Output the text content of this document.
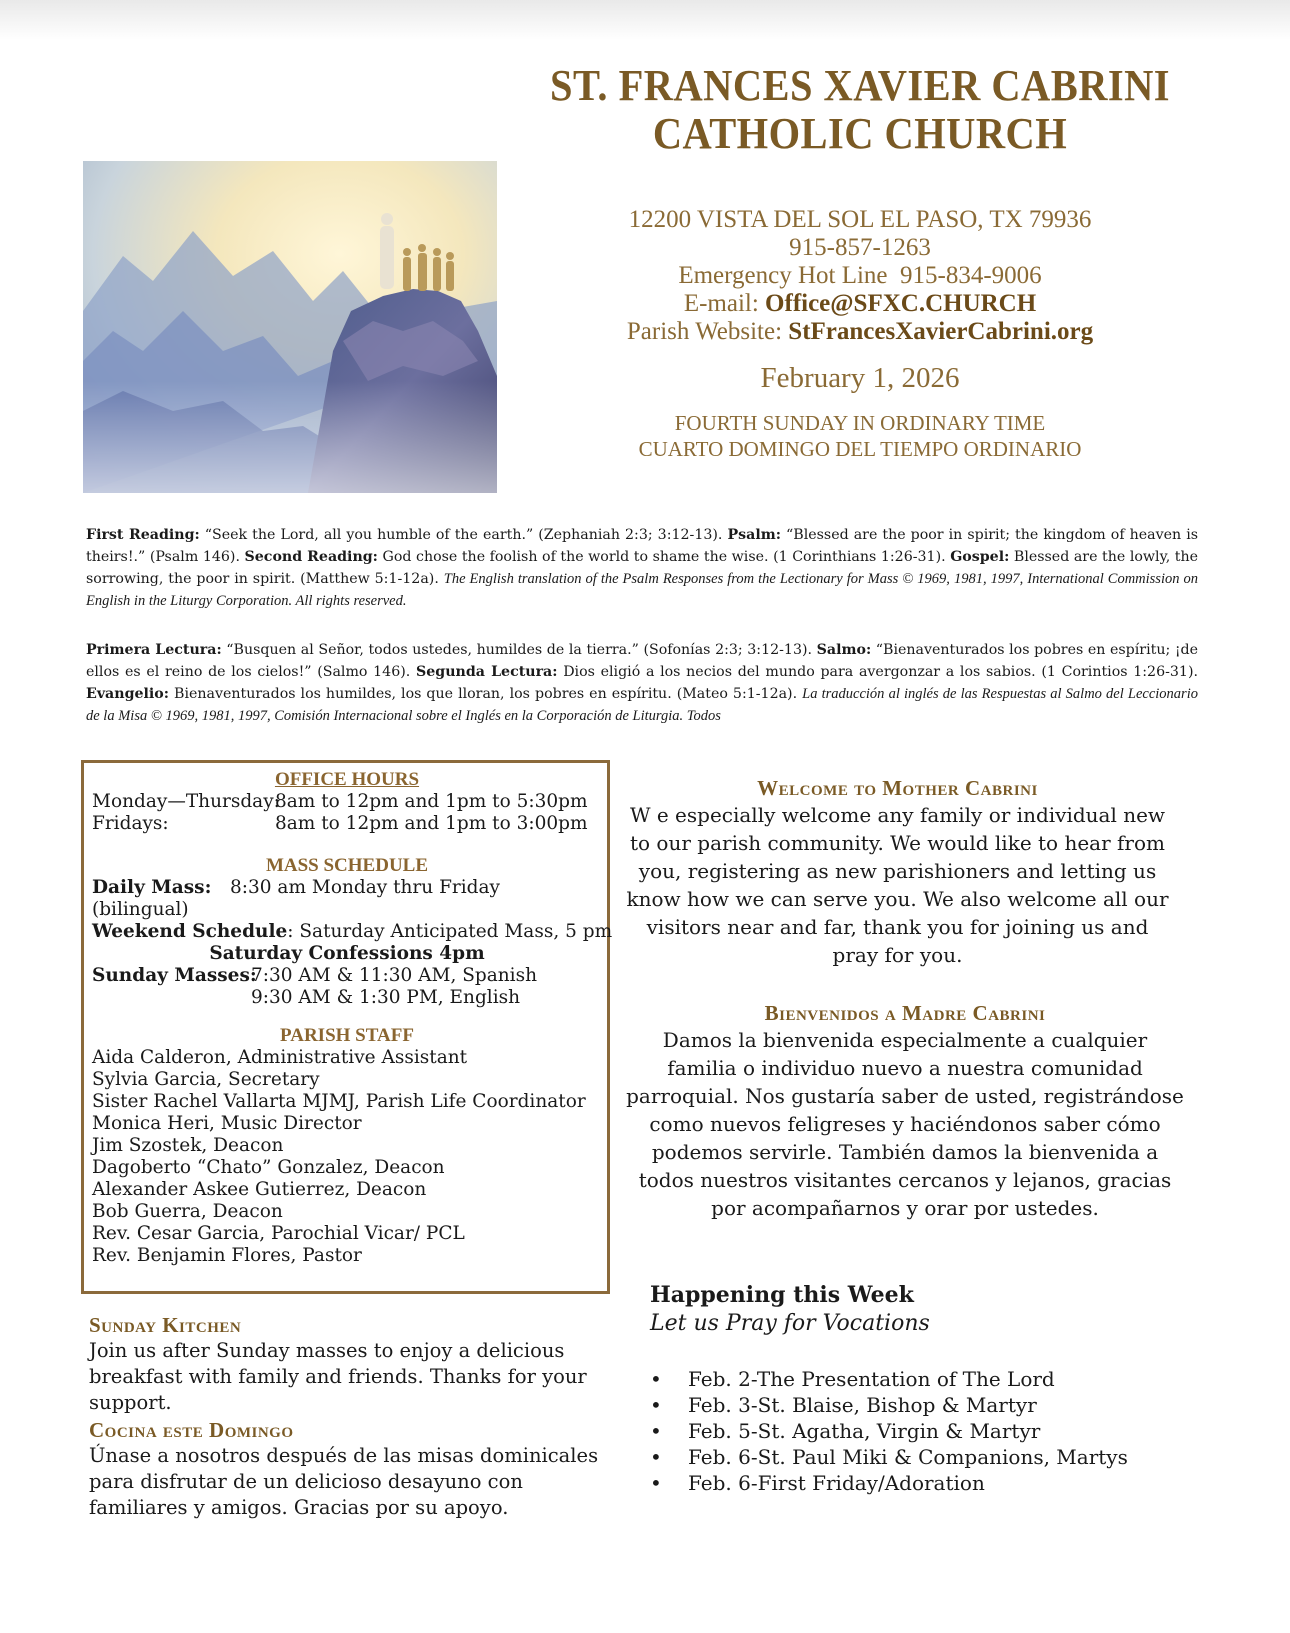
ST. FRANCES XAVIER CABRINI
CATHOLIC CHURCH
12200 VISTA DEL SOL EL PASO, TX 79936
915-857-1263
Emergency Hot Line 915-834-9006
E-mail: Office@SFXC.CHURCH
Parish Website: StFrancesXavierCabrini.org
February 1, 2026
FOURTH SUNDAY IN ORDINARY TIME
CUARTO DOMINGO DEL TIEMPO ORDINARIO
First Reading: “Seek the Lord, all you humble of the earth.” (Zephaniah 2:3; 3:12-13). Psalm: “Blessed are the poor in spirit; the kingdom of heaven is theirs!.” (Psalm 146). Second Reading: God chose the foolish of the world to shame the wise. (1 Corinthians 1:26-31). Gospel: Blessed are the lowly, the sorrowing, the poor in spirit. (Matthew 5:1-12a). The English translation of the Psalm Responses from the Lectionary for Mass © 1969, 1981, 1997, International Commission on English in the Liturgy Corporation. All rights reserved.
Primera Lectura: “Busquen al Señor, todos ustedes, humildes de la tierra.” (Sofonías 2:3; 3:12-13). Salmo: “Bienaventurados los pobres en espíritu; ¡de ellos es el reino de los cielos!” (Salmo 146). Segunda Lectura: Dios eligió a los necios del mundo para avergonzar a los sabios. (1 Corintios 1:26-31). Evangelio: Bienaventurados los humildes, los que lloran, los pobres en espíritu. (Mateo 5:1-12a). La traducción al inglés de las Respuestas al Salmo del Leccionario de la Misa © 1969, 1981, 1997, Comisión Internacional sobre el Inglés en la Corporación de Liturgia. Todos
OFFICE HOURS
Monday—Thursday:8am to 12pm and 1pm to 5:30pm
Fridays:	8am to 12pm and 1pm to 3:00pm
MASS SCHEDULE
Daily Mass: 8:30 am Monday thru Friday
(bilingual)
Weekend Schedule: Saturday Anticipated Mass, 5 pm
Saturday Confessions 4pm
Sunday Masses:7:30 AM & 11:30 AM, Spanish
9:30 AM & 1:30 PM, English
PARISH STAFF
Aida Calderon, Administrative Assistant
Sylvia Garcia, Secretary
Sister Rachel Vallarta MJMJ, Parish Life Coordinator
Monica Heri, Music Director
Jim Szostek, Deacon
Dagoberto “Chato” Gonzalez, Deacon
Alexander Askee Gutierrez, Deacon
Bob Guerra, Deacon
Rev. Cesar Garcia, Parochial Vicar/ PCL
Rev. Benjamin Flores, Pastor
Sunday Kitchen
Join us after Sunday masses to enjoy a delicious breakfast with family and friends. Thanks for your support.
Cocina este Domingo
Únase a nosotros después de las misas dominicales para disfrutar de un delicioso desayuno con familiares y amigos. Gracias por su apoyo.
Welcome to Mother Cabrini
W e especially welcome any family or individual new to our parish community. We would like to hear from you, registering as new parishioners and letting us know how we can serve you. We also welcome all our visitors near and far, thank you for joining us and pray for you.
Bienvenidos a Madre Cabrini
Damos la bienvenida especialmente a cualquier familia o individuo nuevo a nuestra comunidad parroquial. Nos gustaría saber de usted, registrándose como nuevos feligreses y haciéndonos saber cómo podemos servirle. También damos la bienvenida a todos nuestros visitantes cercanos y lejanos, gracias por acompañarnos y orar por ustedes.
Happening this Week
Let us Pray for Vocations
• Feb. 2-The Presentation of The Lord
• Feb. 3-St. Blaise, Bishop & Martyr
• Feb. 5-St. Agatha, Virgin & Martyr
• Feb. 6-St. Paul Miki & Companions, Martys
• Feb. 6-First Friday/Adoration
